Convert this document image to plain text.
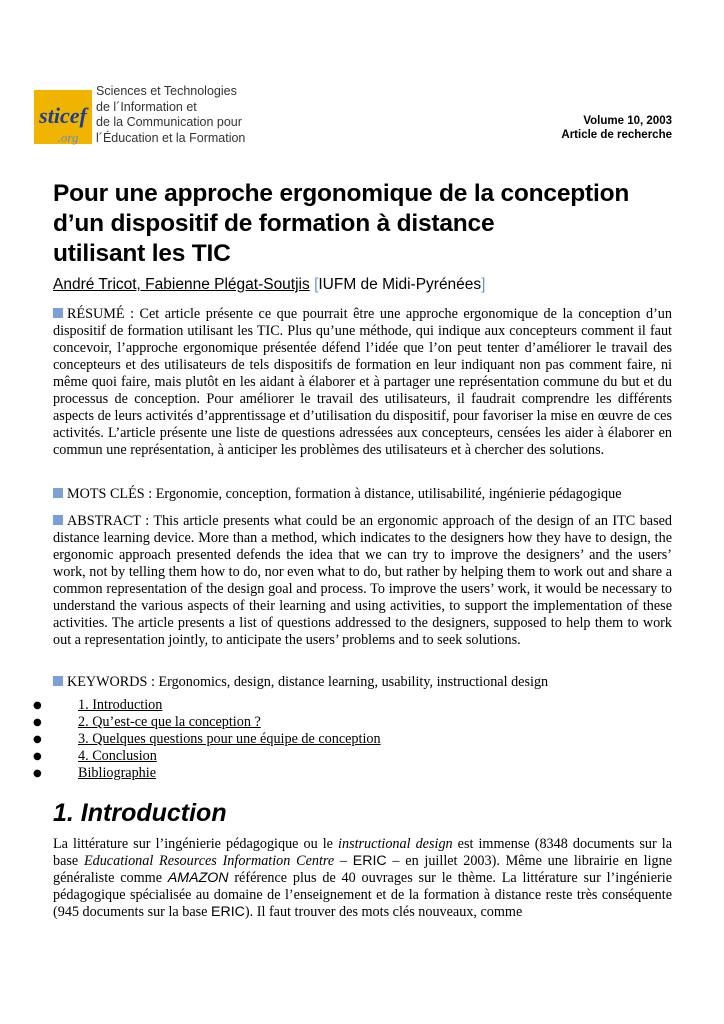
sticef
.org
Sciences et Technologies
de l´Information et
de la Communication pour
l´Éducation et la Formation
Volume 10, 2003
Article de recherche
Pour une approche ergonomique de la conception
d’un dispositif de formation à distance
utilisant les TIC
André Tricot, Fabienne Plégat-Soutjis [IUFM de Midi-Pyrénées]
RÉSUMÉ : Cet article présente ce que pourrait être une approche ergonomique de la conception d’un dispositif de formation utilisant les TIC. Plus qu’une méthode, qui indique aux concepteurs comment il faut concevoir, l’approche ergonomique présentée défend l’idée que l’on peut tenter d’améliorer le travail des concepteurs et des utilisateurs de tels dispositifs de formation en leur indiquant non pas comment faire, ni même quoi faire, mais plutôt en les aidant à élaborer et à partager une représentation commune du but et du processus de conception. Pour améliorer le travail des utilisateurs, il faudrait comprendre les différents aspects de leurs activités d’apprentissage et d’utilisation du dispositif, pour favoriser la mise en œuvre de ces activités. L’article présente une liste de questions adressées aux concepteurs, censées les aider à élaborer en commun une représentation, à anticiper les problèmes des utilisateurs et à chercher des solutions.
MOTS CLÉS : Ergonomie, conception, formation à distance, utilisabilité, ingénierie pédagogique
ABSTRACT : This article presents what could be an ergonomic approach of the design of an ITC based distance learning device. More than a method, which indicates to the designers how they have to design, the ergonomic approach presented defends the idea that we can try to improve the designers’ and the users’ work, not by telling them how to do, nor even what to do, but rather by helping them to work out and share a common representation of the design goal and process. To improve the users’ work, it would be necessary to understand the various aspects of their learning and using activities, to support the implementation of these activities. The article presents a list of questions addressed to the designers, supposed to help them to work out a representation jointly, to anticipate the users’ problems and to seek solutions.
KEYWORDS : Ergonomics, design, distance learning, usability, instructional design
●	1. Introduction
●	2. Qu’est-ce que la conception ?
●	3. Quelques questions pour une équipe de conception
●	4. Conclusion
●	Bibliographie
1. Introduction
La littérature sur l’ingénierie pédagogique ou le instructional design est immense (8348 documents sur la base Educational Resources Information Centre – ERIC – en juillet 2003). Même une librairie en ligne généraliste comme AMAZON référence plus de 40 ouvrages sur le thème. La littérature sur l’ingénierie pédagogique spécialisée au domaine de l’enseignement et de la formation à distance reste très conséquente (945 documents sur la base ERIC). Il faut trouver des mots clés nouveaux, comme
